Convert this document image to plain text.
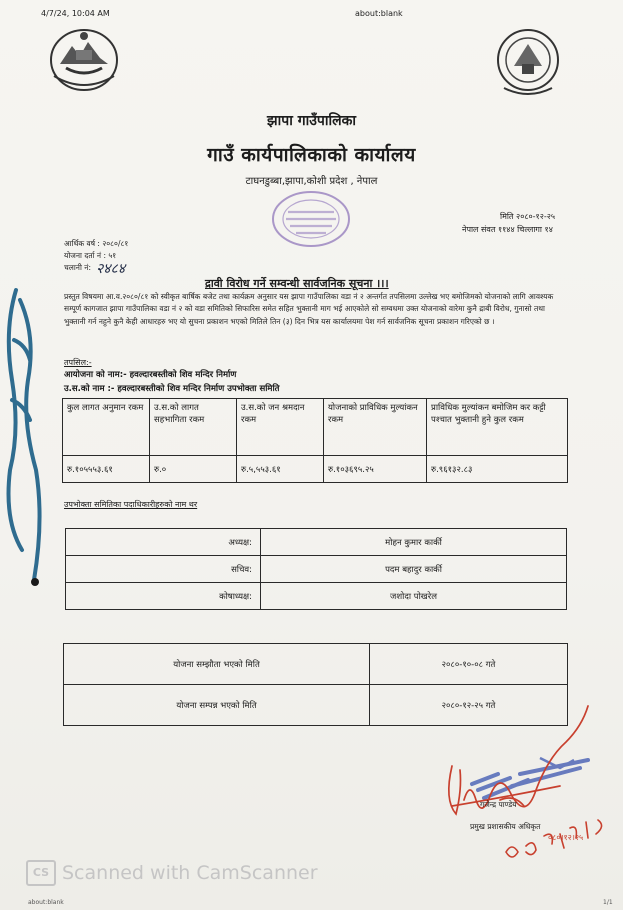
4/7/24, 10:04 AM	about:blank
झापा गाउँपालिका
गाउँ कार्यपालिकाको कार्यालय
टाघनडुब्बा,झापा,कोशी प्रदेश , नेपाल
मिति २०८०-१२-२५
नेपाल संवत ११४४ चिल्लागा १४
आर्थिक वर्ष : २०८०/८१
योजना दर्ता नं : ५१
चलानी नं: २४८४
द्रावी विरोध गर्ने सम्वन्धी सार्वजनिक सूचना ।।।
प्रस्तुत विषयमा आ.व.२०८०/८१ को स्वीकृत बार्षिक बजेट तथा कार्यक्रम अनुसार यस झापा गाउँपालिका वडा नं २ अन्तर्गत तपसिलमा उल्लेख भए बमोजिमको योजनाको लागि आवश्यक सम्पूर्ण कागजात झापा गाउँपालिका वडा नं २ को वडा समितिको सिफारिस समेत सहित भुक्तानी माग भई आएकोले सो सम्वधमा उक्त योजनाको वारेमा कुनै द्राबी विरोध, गुनासो तथा भुक्तानी गर्न नहुने कुनै केही आधारहरु भए यो सुचना प्रकाशन भएको मितिले तिन (३) दिन भित्र यस कार्यालयमा पेश गर्न सार्वजनिक सूचना प्रकाशन गरिएको छ ।
तपसिल:-
आयोजना को नाम:- हवल्दारबस्तीको शिव मन्दिर निर्माण
उ.स.को नाम :- हवल्दारबस्तीको शिव मन्दिर निर्माण उपभोक्ता समिति
कुल लागत अनुमान रकम	उ.स.को लागत सहभागिता रकम	उ.स.को जन श्रमदान रकम	योजनाको प्राविधिक मुल्यांकन रकम	प्राविधिक मुल्यांकन बमोजिम कर कट्टी पश्चात भुक्तानी हुने कुल रकम
रु.१०५५५३.६१	रु.०	रु.५,५५३.६१	रु.१०३६९५.२५	रु.९६१३२.८३
उपभोक्ता समितिका पदाधिकारीहरुको नाम थर
अध्यक्ष:	मोहन कुमार कार्की
सचिव:	पदम बहादुर कार्की
कोषाध्यक्ष:	जशोदा पोखरेल
योजना सम्झौता भएको मिति	२०८०-१०-०८ गते
योजना सम्पन्न भएको मिति	२०८०-१२-२५ गते
गजेन्द्र पाण्डेय
प्रमुख प्रशासकीय अधिकृत
०८०।१२।२५
CS Scanned with CamScanner
about:blank	1/1
